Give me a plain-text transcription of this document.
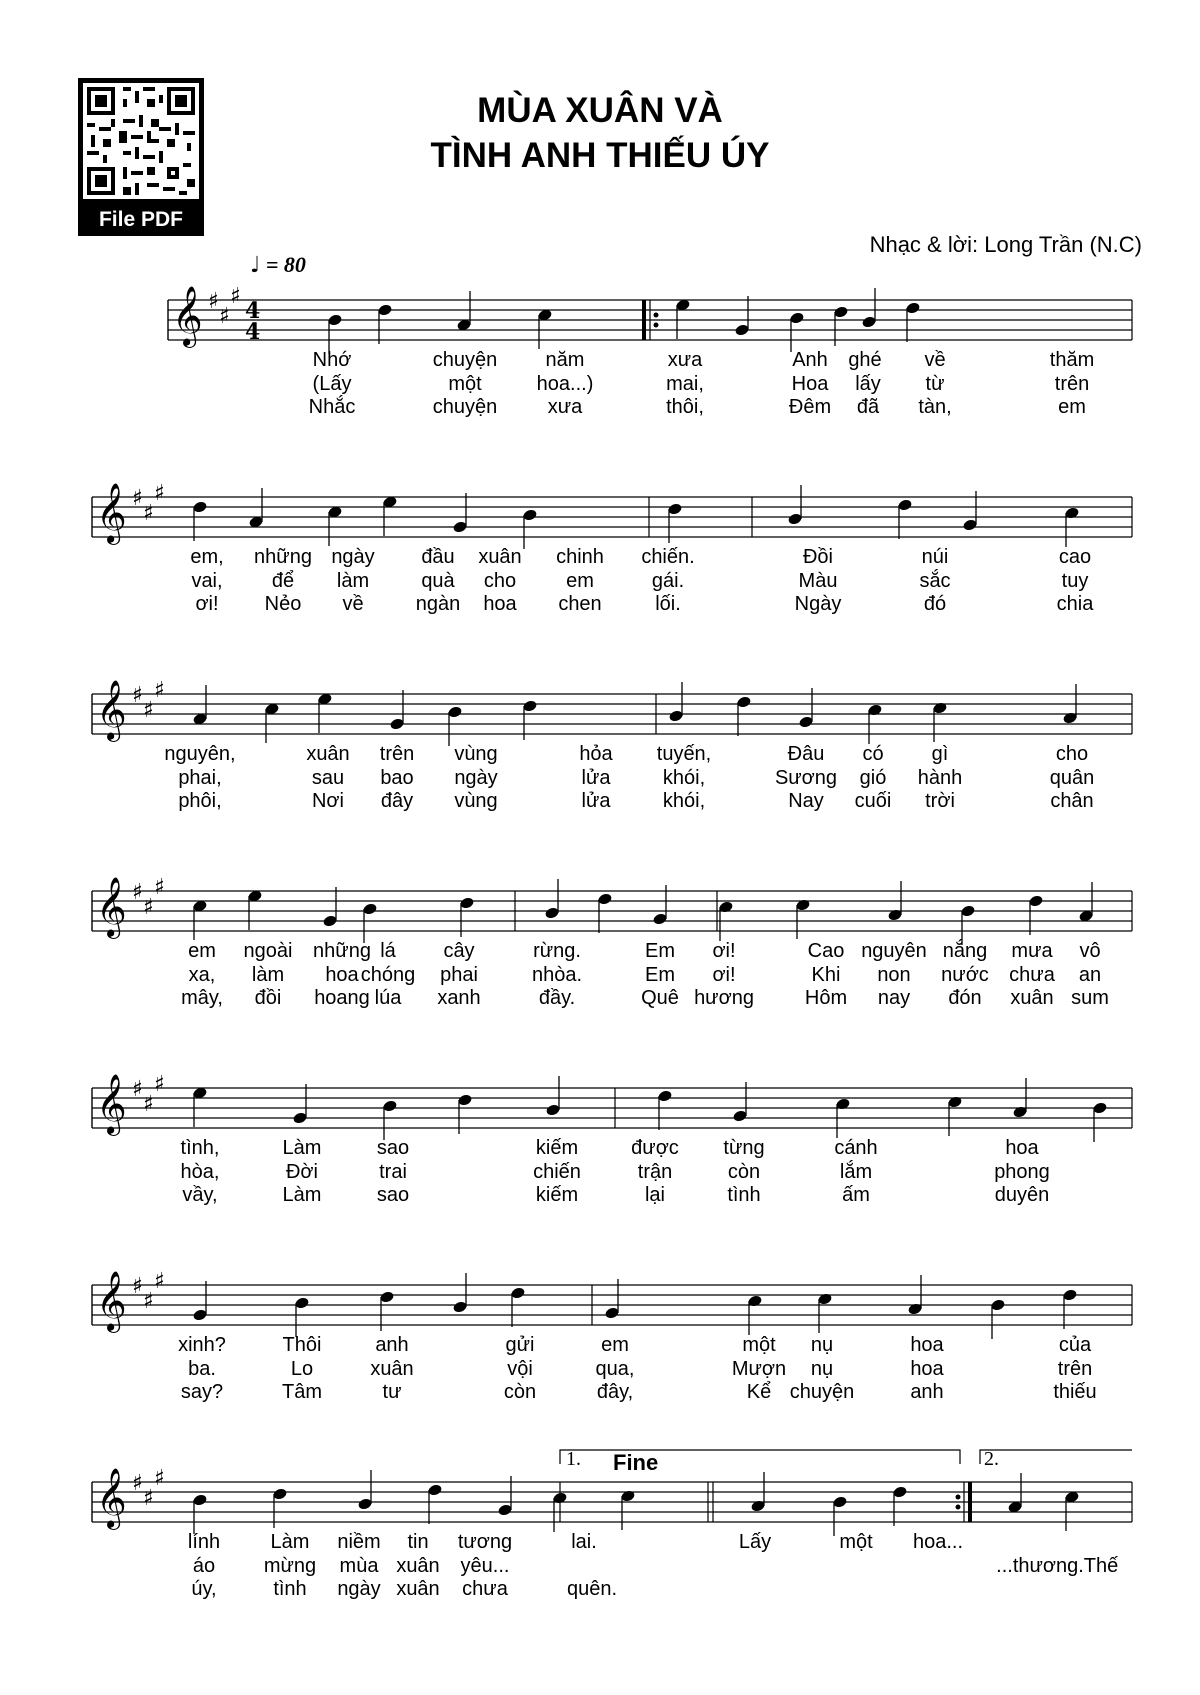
File PDF
MÙA XUÂN VÀ
TÌNH ANH THIẾU ÚY
Nhạc & lời: Long Trần (N.C)
♩ = 80
𝄞 ♯
♯
♯
4
4
Nhớ	chuyện năm	xưa	Anh ghé về	thăm
(Lấy	một	hoa...)	mai,	Hoa lấy từ	trên
Nhắc	chuyện	xưa	thôi,	Đêm đã tàn,	em
𝄞 ♯
♯
♯
em, những ngày đầu xuân chinh chiến.	Đồi	núi	cao
vai, để làm	quà cho em	gái.	Màu	sắc	tuy
ơi! Nẻo về	ngàn hoa chen	lối.	Ngày	đó	chia
𝄞 ♯
♯
♯
nguyên,	xuân trên vùng	hỏa tuyến,	Đâu có gì	cho
phai,	sau bao ngày	lửa	khói,	Sương gió hành	quân
phôi,	Nơi đây vùng	lửa	khói,	Nay cuối trời	chân
𝄞 ♯
♯
♯
em ngoài những lá cây	rừng.	Em ơi!	Cao nguyên nắng mưa vô
xa, làm hoa chóng phai	nhòa.	Em ơi!	Khi non nước chưa an
mây, đồi hoang lúa xanh	đầy.	Quê hương	Hôm nay đón xuân sum
𝄞 ♯
♯
♯
tình,	Làm	sao	kiếm	được từng	cánh	hoa
hòa,	Đời	trai	chiến	trận	còn	lắm	phong
vầy,	Làm	sao	kiếm	lại	tình	ấm	duyên
𝄞 ♯
♯
♯
xinh?	Thôi	anh	gửi	em	một nụ	hoa	của
ba.	Lo	xuân	vội	qua,	Mượn nụ	hoa	trên
say?	Tâm	tư	còn	đây,	Kể chuyện	anh	thiếu
𝄞 ♯
♯
♯
lính	Làm niềm tin tương	lai.	Lấy	một hoa...
áo mừng mùa xuân yêu...	...thương. Thế
úy,	tình ngày xuân chưa	quên.
1.	2.
Fine
